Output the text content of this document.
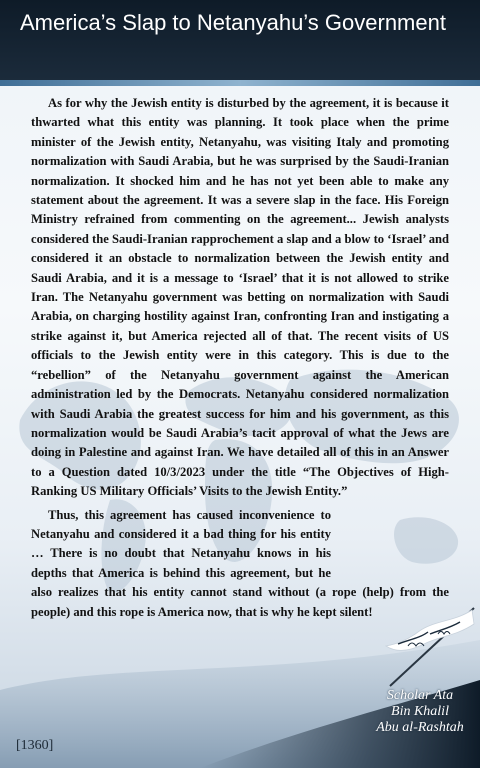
America’s Slap to Netanyahu’s Government

As for why the Jewish entity is disturbed by the agreement, it is because it thwarted what this entity was planning. It took place when the prime minister of the Jewish entity, Netanyahu, was visiting Italy and promoting normalization with Saudi Arabia, but he was surprised by the Saudi-Iranian normalization. It shocked him and he has not yet been able to make any statement about the agreement. It was a severe slap in the face. His Foreign Ministry refrained from commenting on the agreement... Jewish analysts considered the Saudi-Iranian rapprochement a slap and a blow to ‘Israel’ and considered it an obstacle to normalization between the Jewish entity and Saudi Arabia, and it is a message to ‘Israel’ that it is not allowed to strike Iran. The Netanyahu government was betting on normalization with Saudi Arabia, on charging hostility against Iran, confronting Iran and instigating a strike against it, but America rejected all of that. The recent visits of US officials to the Jewish entity were in this category. This is due to the “rebellion” of the Netanyahu government against the American administration led by the Democrats. Netanyahu considered normalization with Saudi Arabia the greatest success for him and his government, as this normalization would be Saudi Arabia’s tacit approval of what the Jews are doing in Palestine and against Iran. We have detailed all of this in an Answer to a Question dated 10/3/2023 under the title “The Objectives of High-Ranking US Military Officials’ Visits to the Jewish Entity.”

Thus, this agreement has caused inconvenience to Netanyahu and considered it a bad thing for his entity … There is no doubt that Netanyahu knows in his depths that America is behind this agreement, but he also realizes that his entity cannot stand without (a rope (help) from the people) and this rope is America now, that is why he kept silent!

Scholar Ata
Bin Khalil
Abu al-Rashtah
[1360]
